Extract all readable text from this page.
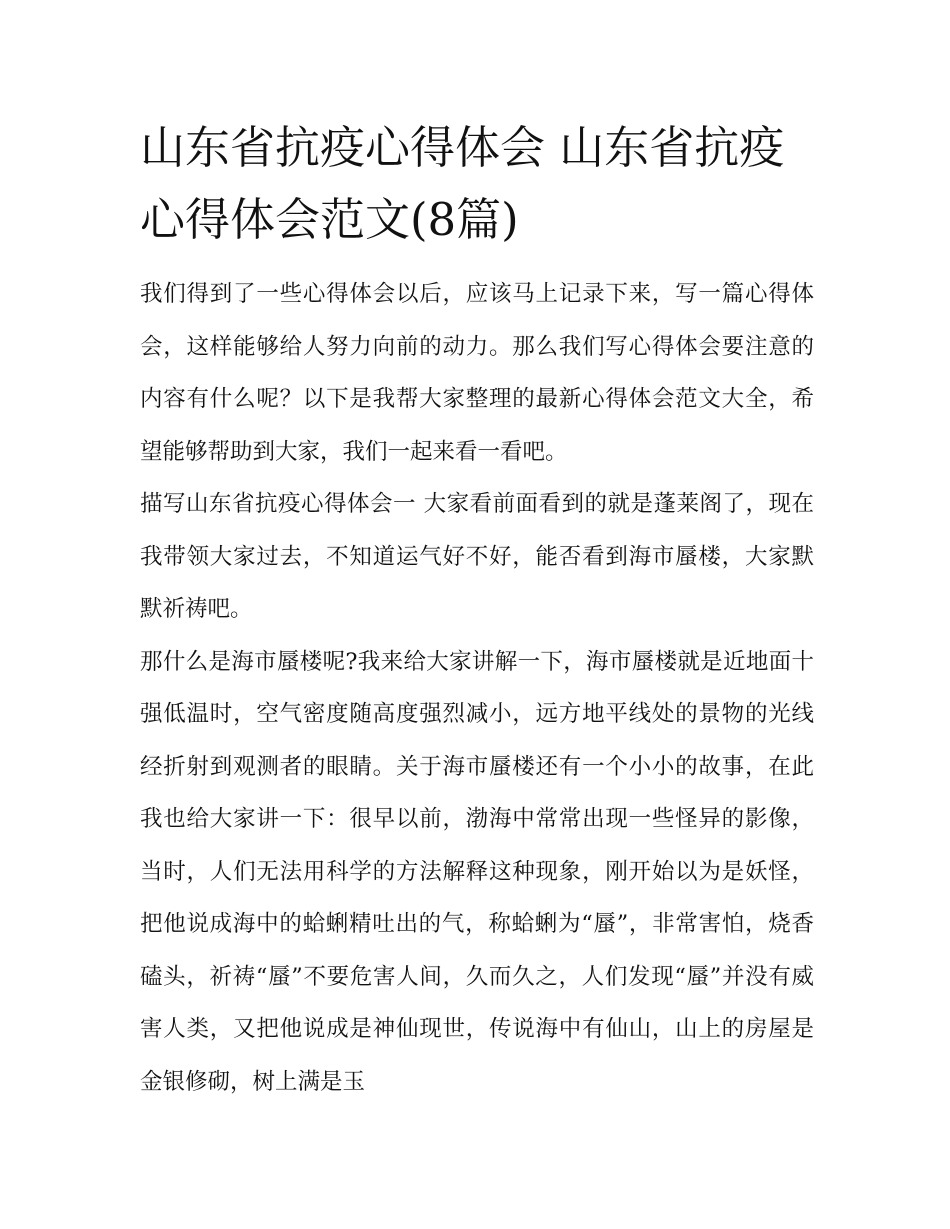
山东省抗疫心得体会 山东省抗疫心得体会范文(8篇)

我们得到了一些心得体会以后，应该马上记录下来，写一篇心得体会，这样能够给人努力向前的动力。那么我们写心得体会要注意的内容有什么呢？以下是我帮大家整理的最新心得体会范文大全，希望能够帮助到大家，我们一起来看一看吧。

描写山东省抗疫心得体会一 大家看前面看到的就是蓬莱阁了，现在我带领大家过去，不知道运气好不好，能否看到海市蜃楼，大家默默祈祷吧。

那什么是海市蜃楼呢?我来给大家讲解一下，海市蜃楼就是近地面十强低温时，空气密度随高度强烈减小，远方地平线处的景物的光线经折射到观测者的眼睛。关于海市蜃楼还有一个小小的故事，在此我也给大家讲一下：很早以前，渤海中常常出现一些怪异的影像，当时，人们无法用科学的方法解释这种现象，刚开始以为是妖怪，把他说成海中的蛤蜊精吐出的气，称蛤蜊为“蜃”，非常害怕，烧香磕头，祈祷“蜃”不要危害人间，久而久之，人们发现“蜃”并没有威害人类，又把他说成是神仙现世，传说海中有仙山，山上的房屋是金银修砌，树上满是玉
